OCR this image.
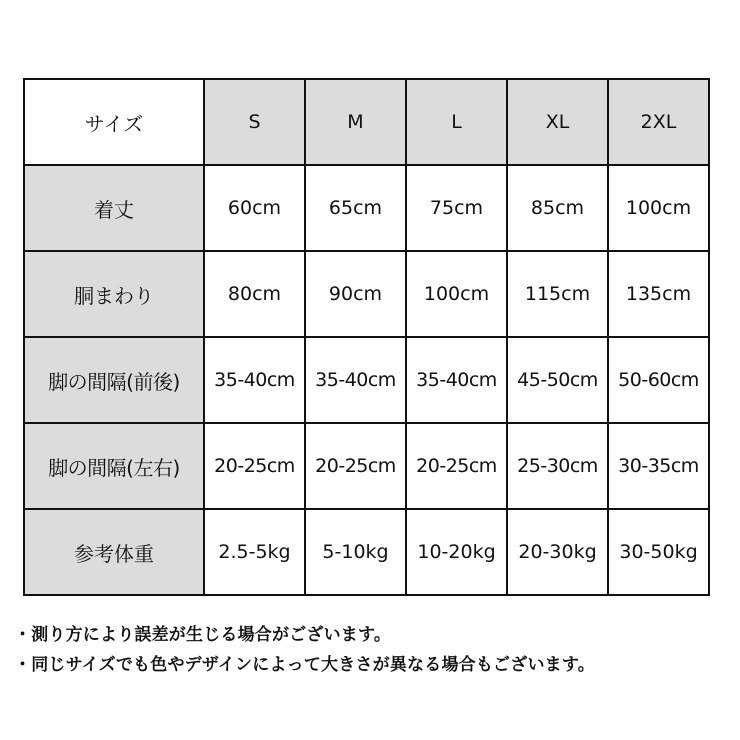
サイズ	S	M	L	XL	2XL
着丈	60cm	65cm	75cm	85cm	100cm
胴まわり	80cm	90cm	100cm	115cm	135cm
脚の間隔(前後)	35-40cm	35-40cm	35-40cm	45-50cm	50-60cm
脚の間隔(左右)	20-25cm	20-25cm	20-25cm	25-30cm	30-35cm
参考体重	2.5-5kg	5-10kg	10-20kg	20-30kg	30-50kg
・測り方により誤差が生じる場合がございます。
・同じサイズでも色やデザインによって大きさが異なる場合もございます。
